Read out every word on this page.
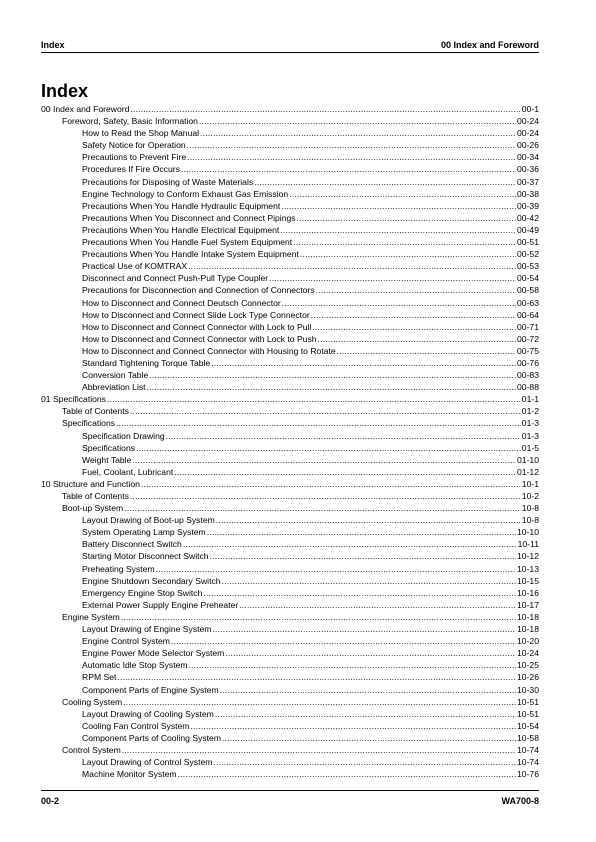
Index	00 Index and Foreword
Index
00 Index and Foreword .....	00-1
Foreword, Safety, Basic Information .....	00-24
How to Read the Shop Manual .....	00-24
Safety Notice for Operation .....	00-26
Precautions to Prevent Fire .....	00-34
Procedures If Fire Occurs .....	00-36
Precautions for Disposing of Waste Materials .....	00-37
Engine Technology to Conform Exhaust Gas Emission .....	00-38
Precautions When You Handle Hydraulic Equipment .....	00-39
Precautions When You Disconnect and Connect Pipings .....	00-42
Precautions When You Handle Electrical Equipment .....	00-49
Precautions When You Handle Fuel System Equipment .....	00-51
Precautions When You Handle Intake System Equipment .....	00-52
Practical Use of KOMTRAX .....	00-53
Disconnect and Connect Push-Pull Type Coupler .....	00-54
Precautions for Disconnection and Connection of Connectors .....	00-58
How to Disconnect and Connect Deutsch Connector .....	00-63
How to Disconnect and Connect Slide Lock Type Connector .....	00-64
How to Disconnect and Connect Connector with Lock to Pull .....	00-71
How to Disconnect and Connect Connector with Lock to Push .....	00-72
How to Disconnect and Connect Connector with Housing to Rotate .....	00-75
Standard Tightening Torque Table .....	00-76
Conversion Table .....	00-83
Abbreviation List .....	00-88
01 Specifications .....	01-1
Table of Contents .....	01-2
Specifications .....	01-3
Specification Drawing .....	01-3
Specifications .....	01-5
Weight Table .....	01-10
Fuel, Coolant, Lubricant .....	01-12
10 Structure and Function .....	10-1
Table of Contents .....	10-2
Boot-up System .....	10-8
Layout Drawing of Boot-up System .....	10-8
System Operating Lamp System .....	10-10
Battery Disconnect Switch .....	10-11
Starting Motor Disconnect Switch .....	10-12
Preheating System .....	10-13
Engine Shutdown Secondary Switch .....	10-15
Emergency Engine Stop Switch .....	10-16
External Power Supply Engine Preheater .....	10-17
Engine System .....	10-18
Layout Drawing of Engine System .....	10-18
Engine Control System .....	10-20
Engine Power Mode Selector System .....	10-24
Automatic Idle Stop System .....	10-25
RPM Set .....	10-26
Component Parts of Engine System .....	10-30
Cooling System .....	10-51
Layout Drawing of Cooling System .....	10-51
Cooling Fan Control System .....	10-54
Component Parts of Cooling System .....	10-58
Control System .....	10-74
Layout Drawing of Control System .....	10-74
Machine Monitor System .....	10-76
00-2	WA700-8
